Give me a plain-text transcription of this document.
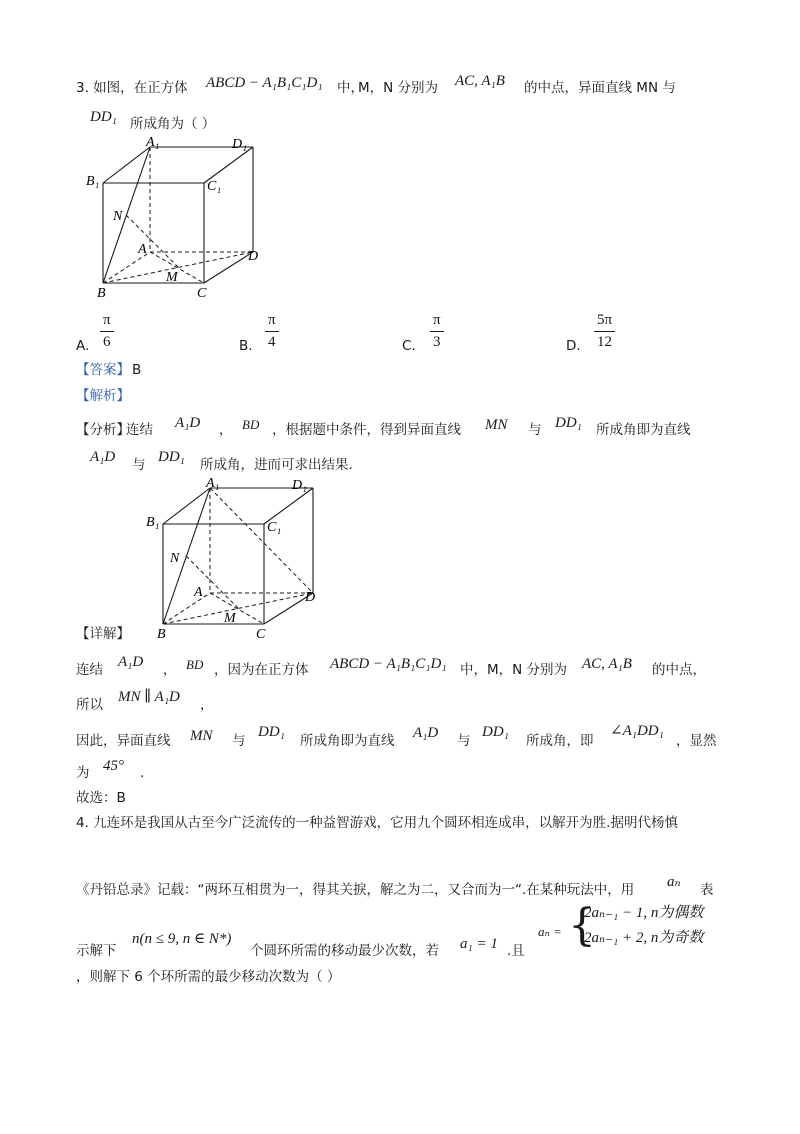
3. 如图，在正方体 ABCD − A₁B₁C₁D₁ 中，
M，N 分别为 AC, A₁B 的中点，异面直线 MN 与
DD₁ 所成角为（ ）
A₁	D₁
B₁	C₁
N
A	D
B
M
C
A.
π
6	B.
π
4	C.
π
3	D.
5π
12
【答案】 B
【解析】
【分析】
连结 A₁D ， BD ，根据题中条件，得到异面直线 MN 与 DD₁ 所成角即为直线
A₁D 与 DD₁ 所成角，进而可求出结果.
A₁	D₁
B₁	C₁
N
A	D
B
M
C
【详解】
连结 A₁D ， BD ，因为在正方体 ABCD − A₁B₁C₁D₁ 中，M，N 分别为 AC, A₁B 的中点，
所以 MN ∥ A₁D ，
因此，异面直线 MN 与
DD₁
所成角即为直线 A₁D 与
DD₁
所成角，即
∠A₁DD₁
，显然
为 45° .
故选：B
4. 九连环是我国从古至今广泛流传的一种益智游戏，它用九个圆环相连成串，以解开为胜.据明代杨慎
《丹铅总录》记载：“两环互相贯为一，得其关捩，解之为二，又合而为一“.在某种玩法中，用 aₙ 表
示解下
n(n ≤ 9, n ∈ N*)
个圆环所需的移动最少次数，若 a₁ = 1 .且
aₙ = {
2aₙ₋₁ − 1, n为偶数
2aₙ₋₁ + 2, n为奇数
，则解下 6 个环所需的最少移动次数为（ ）
